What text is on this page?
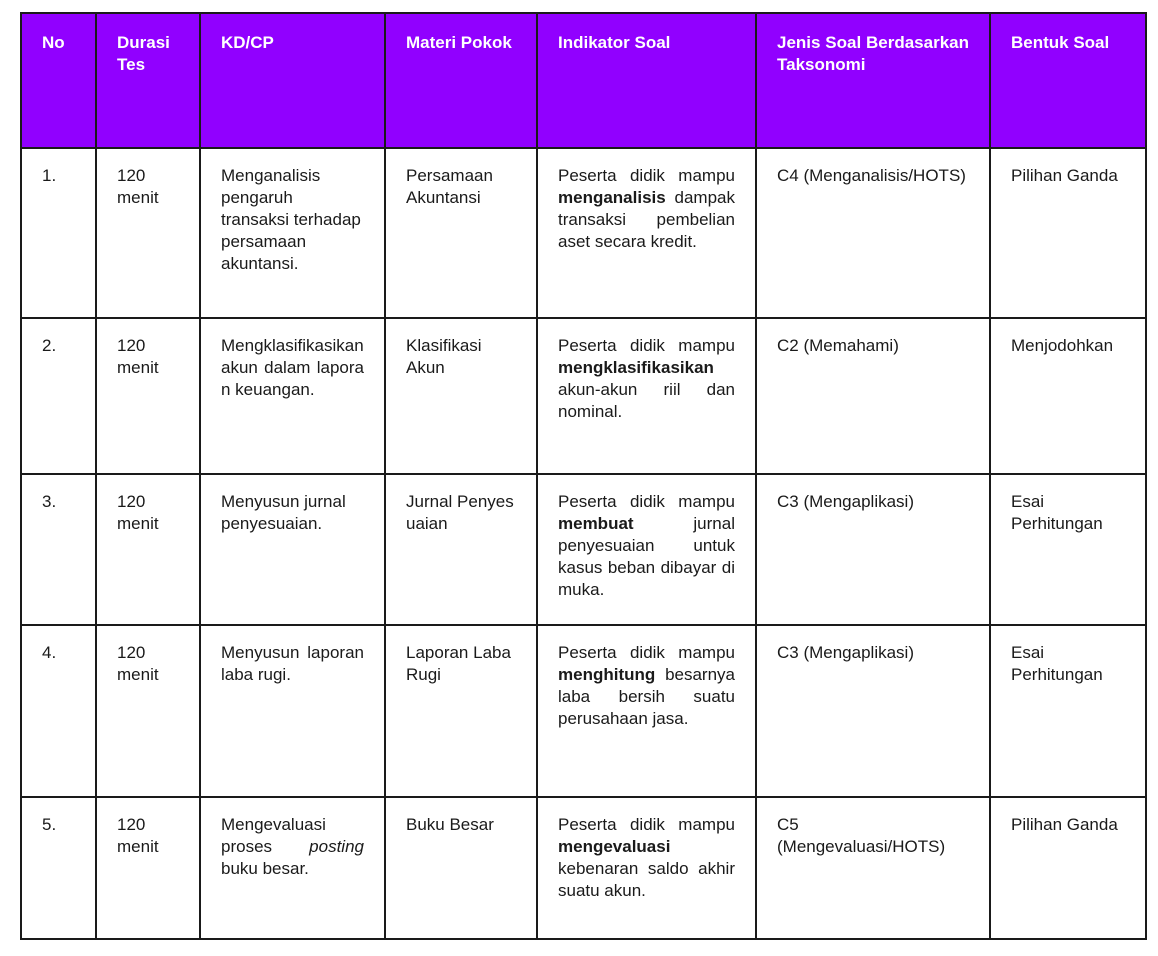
No	Durasi Tes	KD/CP	Materi Pokok	Indikator Soal	Jenis Soal Berdasarkan Taksonomi	Bentuk Soal
1.	120 menit	Menganalisis pengaruh transaksi terhadap persamaan akuntansi.	Persamaan Akuntansi	Peserta didik mampu menganalisis dampak transaksi pembelian aset secara kredit.	C4 (Menganalisis/HOTS)	Pilihan Ganda
2.	120 menit	Mengklasifikasikan akun dalam laporan keuangan.	Klasifikasi Akun	Peserta didik mampu mengklasifikasikan akun-akun riil dan nominal.	C2 (Memahami)	Menjodohkan
3.	120 menit	Menyusun jurnal penyesuaian.	Jurnal Penyesuaian	Peserta didik mampu membuat jurnal penyesuaian untuk kasus beban dibayar di muka.	C3 (Mengaplikasi)	Esai Perhitungan
4.	120 menit	Menyusun laporan laba rugi.	Laporan Laba Rugi	Peserta didik mampu menghitung besarnya laba bersih suatu perusahaan jasa.	C3 (Mengaplikasi)	Esai Perhitungan
5.	120 menit	Mengevaluasi proses posting buku besar.	Buku Besar	Peserta didik mampu mengevaluasi kebenaran saldo akhir suatu akun.	C5 (Mengevaluasi/HOTS)	Pilihan Ganda
